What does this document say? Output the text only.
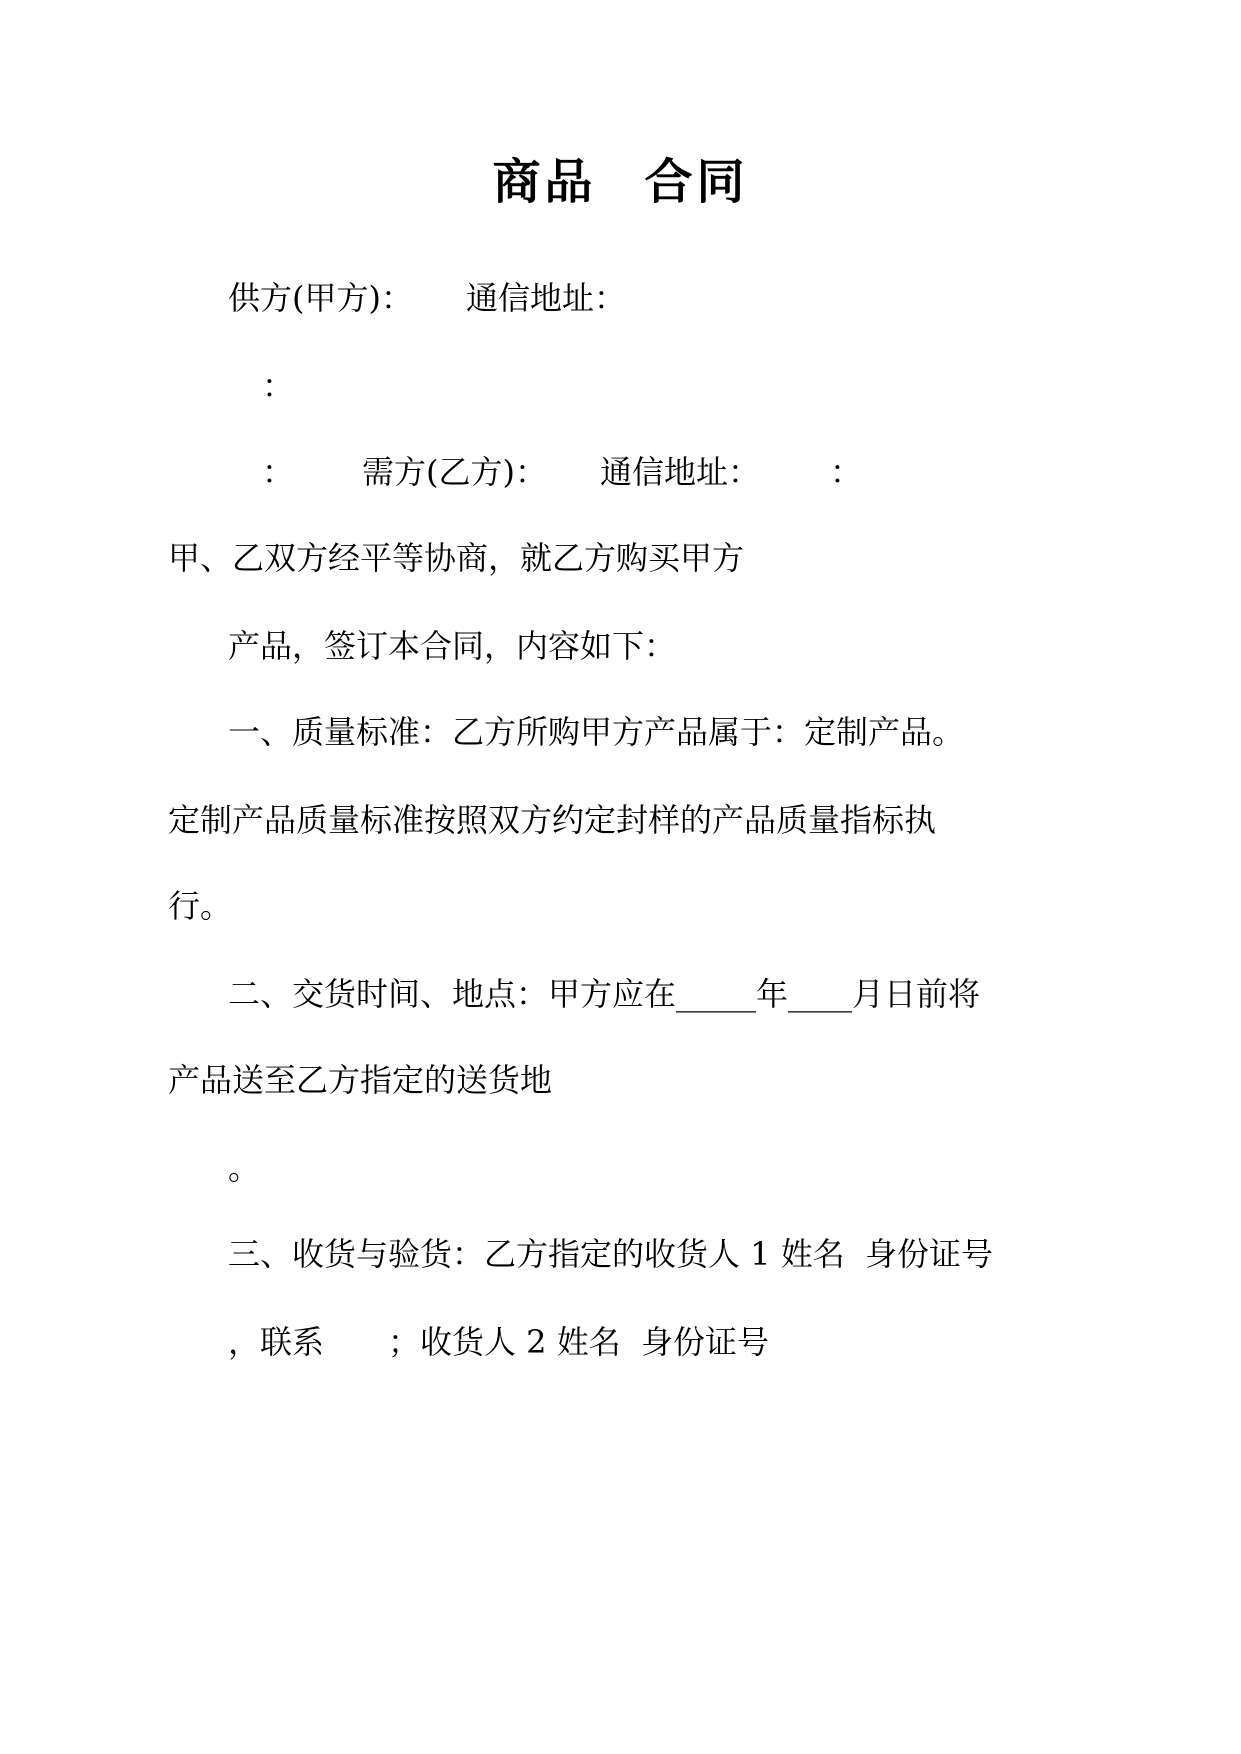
商品 合同
供方(甲方)： 通信地址：
：
： 需方(乙方)： 通信地址： ：
甲、乙双方经平等协商，就乙方购买甲方
产品，签订本合同，内容如下：
一、质量标准：乙方所购甲方产品属于：定制产品。
定制产品质量标准按照双方约定封样的产品质量指标执
行。
二、交货时间、地点：甲方应在_____年____月日前将
产品送至乙方指定的送货地
。
三、收货与验货：乙方指定的收货人 1 姓名  身份证号
，联系　　；收货人 2 姓名  身份证号
